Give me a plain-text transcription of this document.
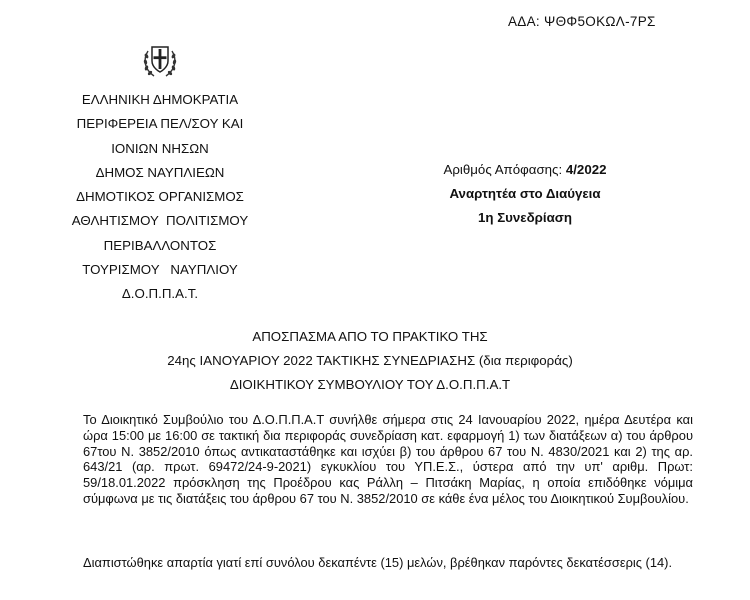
ΑΔΑ: ΨΘΦ5ΟΚΩΛ-7ΡΣ
ΕΛΛΗΝΙΚΗ ΔΗΜΟΚΡΑΤΙΑ
ΠΕΡΙΦΕΡΕΙΑ ΠΕΛ/ΣΟΥ ΚΑΙ
ΙΟΝΙΩΝ ΝΗΣΩΝ
ΔΗΜΟΣ ΝΑΥΠΛΙΕΩΝ
ΔΗΜΟΤΙΚΟΣ ΟΡΓΑΝΙΣΜΟΣ
ΑΘΛΗΤΙΣΜΟΥ  ΠΟΛΙΤΙΣΜΟΥ
ΠΕΡΙΒΑΛΛΟΝΤΟΣ
ΤΟΥΡΙΣΜΟΥ   ΝΑΥΠΛΙΟΥ
Δ.Ο.Π.Π.Α.Τ.
Αριθμός Απόφασης: 4/2022
Αναρτητέα στο Διαύγεια
1η Συνεδρίαση
ΑΠΟΣΠΑΣΜΑ ΑΠΟ ΤΟ ΠΡΑΚΤΙΚΟ ΤΗΣ
24ης ΙΑΝΟΥΑΡΙΟΥ 2022 ΤΑΚΤΙΚΗΣ ΣΥΝΕΔΡΙΑΣΗΣ (δια περιφοράς)
ΔΙΟΙΚΗΤΙΚΟΥ ΣΥΜΒΟΥΛΙΟΥ ΤΟΥ Δ.Ο.Π.Π.Α.Τ
Το Διοικητικό Συμβούλιο του Δ.Ο.Π.Π.Α.Τ συνήλθε σήμερα στις 24 Ιανουαρίου 2022, ημέρα Δευτέρα και ώρα 15:00 με 16:00 σε τακτική δια περιφοράς συνεδρίαση κατ. εφαρμογή 1) των διατάξεων α) του άρθρου 67του Ν. 3852/2010 όπως αντικαταστάθηκε και ισχύει β) του άρθρου 67 του Ν. 4830/2021 και 2) της αρ. 643/21 (αρ. πρωτ. 69472/24-9-2021) εγκυκλίου του ΥΠ.Ε.Σ., ύστερα από την υπ' αριθμ. Πρωτ: 59/18.01.2022 πρόσκληση της Προέδρου κας Ράλλη – Πιτσάκη Μαρίας, η οποία επιδόθηκε νόμιμα σύμφωνα με τις διατάξεις του άρθρου 67 του Ν. 3852/2010 σε κάθε ένα μέλος του Διοικητικού Συμβουλίου.
Διαπιστώθηκε απαρτία γιατί επί συνόλου δεκαπέντε (15) μελών, βρέθηκαν παρόντες δεκατέσσερις (14).
